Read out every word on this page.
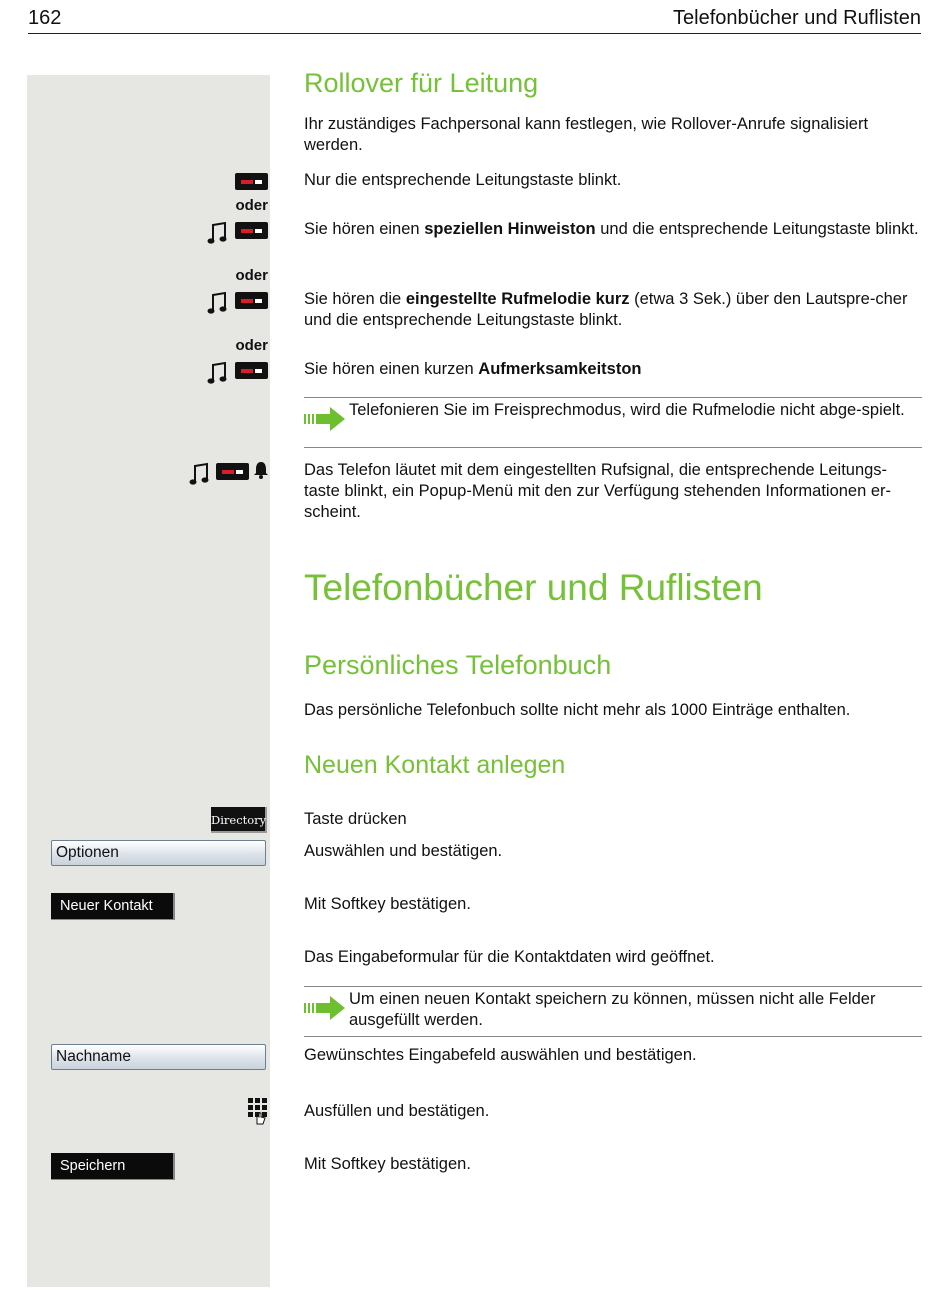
162	Telefonbücher und Ruflisten
Rollover für Leitung

Ihr zuständiges Fachpersonal kann festlegen, wie Rollover-Anrufe signalisiert werden.

Nur die entsprechende Leitungstaste blinkt.

oder

Sie hören einen speziellen Hinweiston und die entsprechende Leitungstaste blinkt.

oder

Sie hören die eingestellte Rufmelodie kurz (etwa 3 Sek.) über den Lautspre-cher und die entsprechende Leitungstaste blinkt.

oder

Sie hören einen kurzen Aufmerksamkeitston

Telefonieren Sie im Freisprechmodus, wird die Rufmelodie nicht abge-spielt.

Das Telefon läutet mit dem eingestellten Rufsignal, die entsprechende Leitungs-taste blinkt, ein Popup-Menü mit den zur Verfügung stehenden Informationen er-scheint.

Telefonbücher und Ruflisten
Persönliches Telefonbuch

Das persönliche Telefonbuch sollte nicht mehr als 1000 Einträge enthalten.

Neuen Kontakt anlegen
Directory Taste drücken

Optionen	Auswählen und bestätigen.

Neuer Kontakt	Mit Softkey bestätigen.

Das Eingabeformular für die Kontaktdaten wird geöffnet.

Um einen neuen Kontakt speichern zu können, müssen nicht alle Felder ausgefüllt werden.
Nachname	Gewünschtes Eingabefeld auswählen und bestätigen.

Ausfüllen und bestätigen.

Speichern	Mit Softkey bestätigen.
